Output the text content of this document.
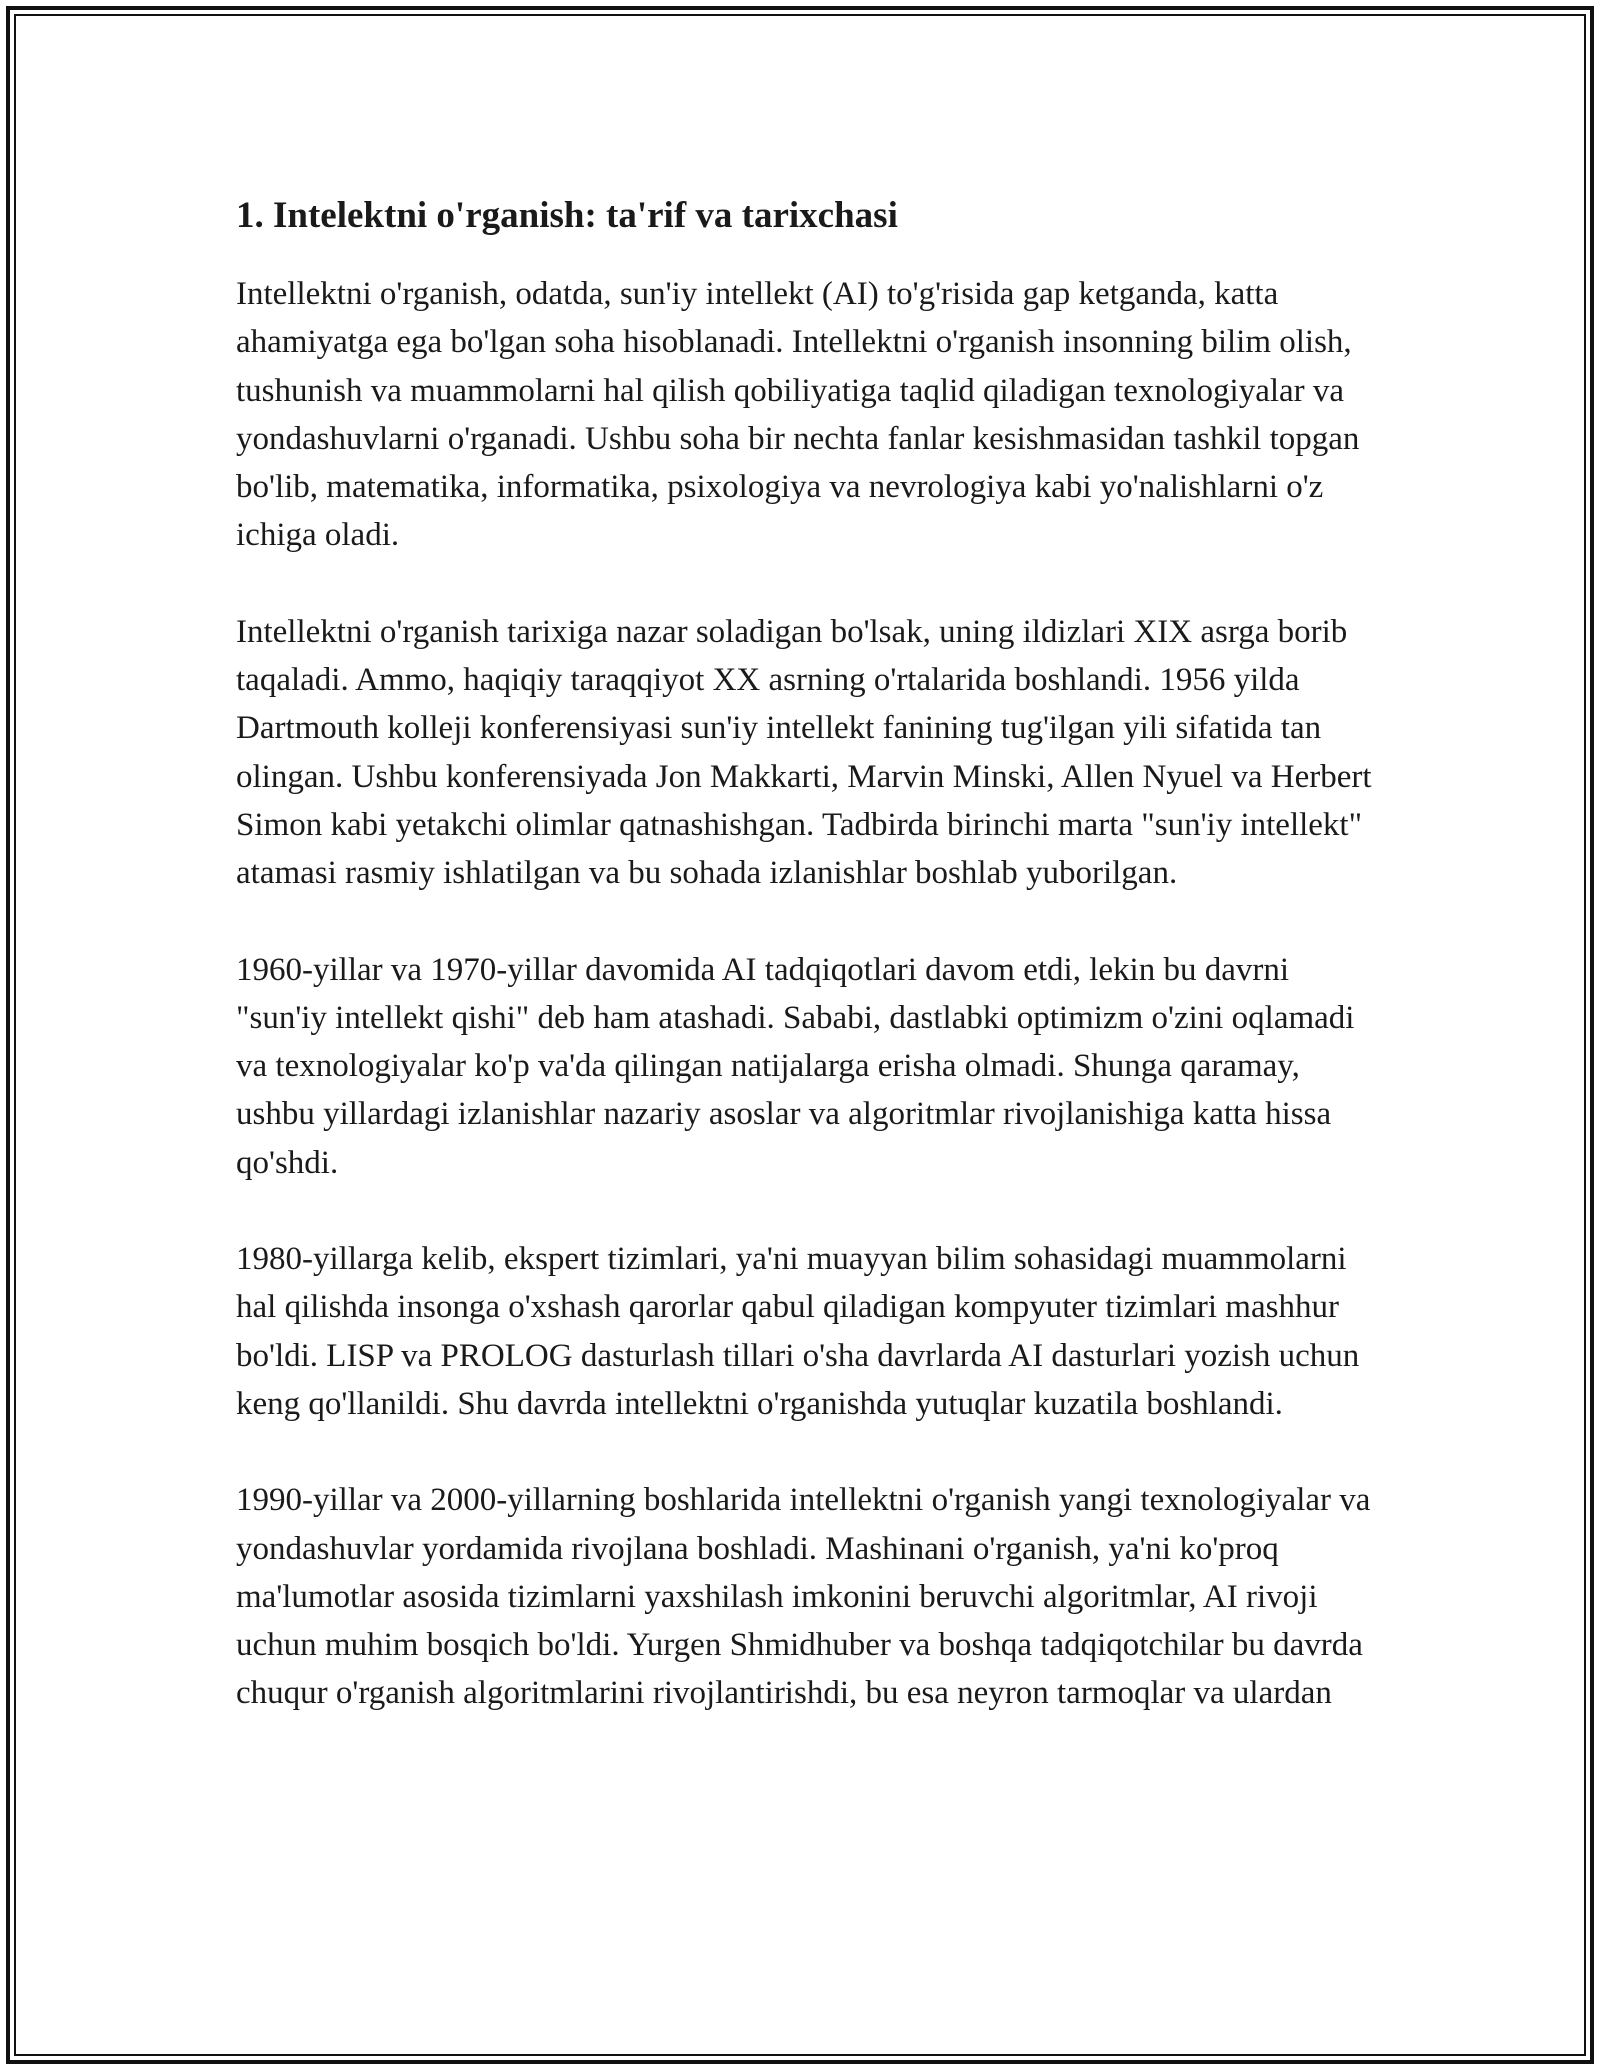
1. Intelektni o'rganish: ta'rif va tarixchasi

Intellektni o'rganish, odatda, sun'iy intellekt (AI) to'g'risida gap ketganda, katta ahamiyatga ega bo'lgan soha hisoblanadi. Intellektni o'rganish insonning bilim olish, tushunish va muammolarni hal qilish qobiliyatiga taqlid qiladigan texnologiyalar va yondashuvlarni o'rganadi. Ushbu soha bir nechta fanlar kesishmasidan tashkil topgan bo'lib, matematika, informatika, psixologiya va nevrologiya kabi yo'nalishlarni o'z ichiga oladi.

Intellektni o'rganish tarixiga nazar soladigan bo'lsak, uning ildizlari XIX asrga borib taqaladi. Ammo, haqiqiy taraqqiyot XX asrning o'rtalarida boshlandi. 1956 yilda Dartmouth kolleji konferensiyasi sun'iy intellekt fanining tug'ilgan yili sifatida tan olingan. Ushbu konferensiyada Jon Makkarti, Marvin Minski, Allen Nyuel va Herbert Simon kabi yetakchi olimlar qatnashishgan. Tadbirda birinchi marta "sun'iy intellekt" atamasi rasmiy ishlatilgan va bu sohada izlanishlar boshlab yuborilgan.

1960-yillar va 1970-yillar davomida AI tadqiqotlari davom etdi, lekin bu davrni "sun'iy intellekt qishi" deb ham atashadi. Sababi, dastlabki optimizm o'zini oqlamadi va texnologiyalar ko'p va'da qilingan natijalarga erisha olmadi. Shunga qaramay, ushbu yillardagi izlanishlar nazariy asoslar va algoritmlar rivojlanishiga katta hissa qo'shdi.

1980-yillarga kelib, ekspert tizimlari, ya'ni muayyan bilim sohasidagi muammolarni hal qilishda insonga o'xshash qarorlar qabul qiladigan kompyuter tizimlari mashhur bo'ldi. LISP va PROLOG dasturlash tillari o'sha davrlarda AI dasturlari yozish uchun keng qo'llanildi. Shu davrda intellektni o'rganishda yutuqlar kuzatila boshlandi.

1990-yillar va 2000-yillarning boshlarida intellektni o'rganish yangi texnologiyalar va yondashuvlar yordamida rivojlana boshladi. Mashinani o'rganish, ya'ni ko'proq ma'lumotlar asosida tizimlarni yaxshilash imkonini beruvchi algoritmlar, AI rivoji uchun muhim bosqich bo'ldi. Yurgen Shmidhuber va boshqa tadqiqotchilar bu davrda chuqur o'rganish algoritmlarini rivojlantirishdi, bu esa neyron tarmoqlar va ulardan
